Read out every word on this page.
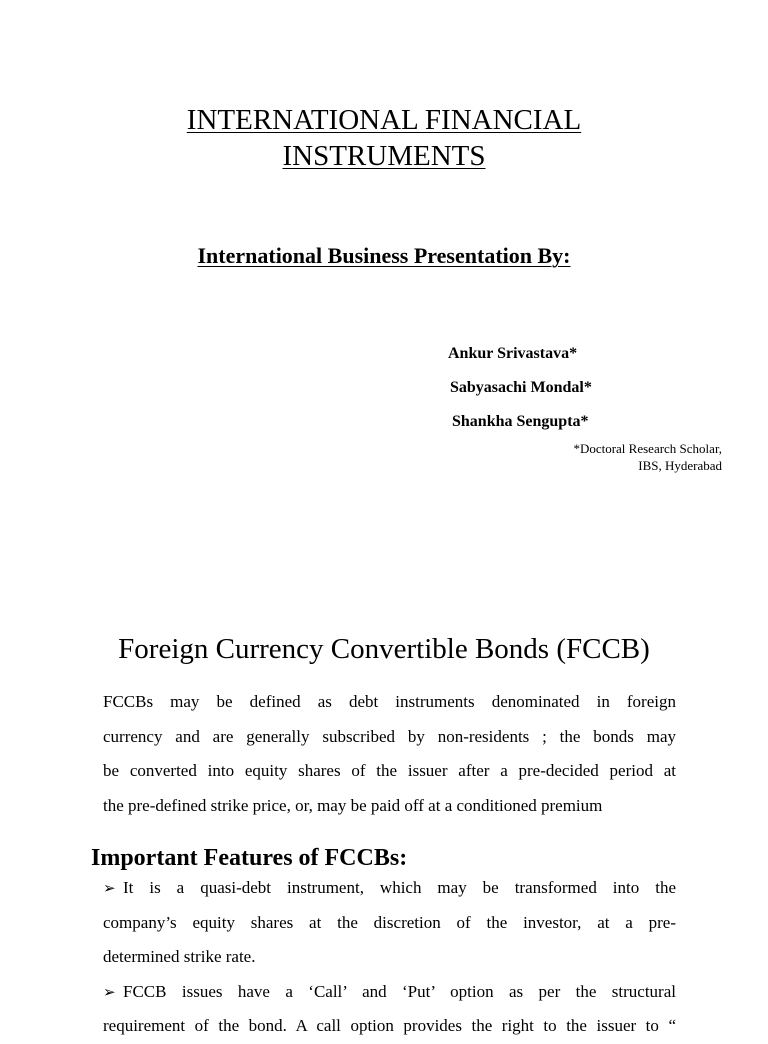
INTERNATIONAL FINANCIAL
INSTRUMENTS
International Business Presentation By:
Ankur Srivastava*
Sabyasachi Mondal*
Shankha Sengupta*
*Doctoral Research Scholar,
IBS, Hyderabad
Foreign Currency Convertible Bonds (FCCB)
FCCBs may be defined as debt instruments denominated in foreign
currency and are generally subscribed by non-residents ; the bonds may
be converted into equity shares of the issuer after a pre-decided period at
the pre-defined strike price, or, may be paid off at a conditioned premium
Important Features of FCCBs:
➢ It is a quasi-debt instrument, which may be transformed into the
company’s equity shares at the discretion of the investor, at a pre-
determined strike rate.
➢ FCCB issues have a ‘Call’ and ‘Put’ option as per the structural
requirement of the bond. A call option provides the right to the issuer to “
